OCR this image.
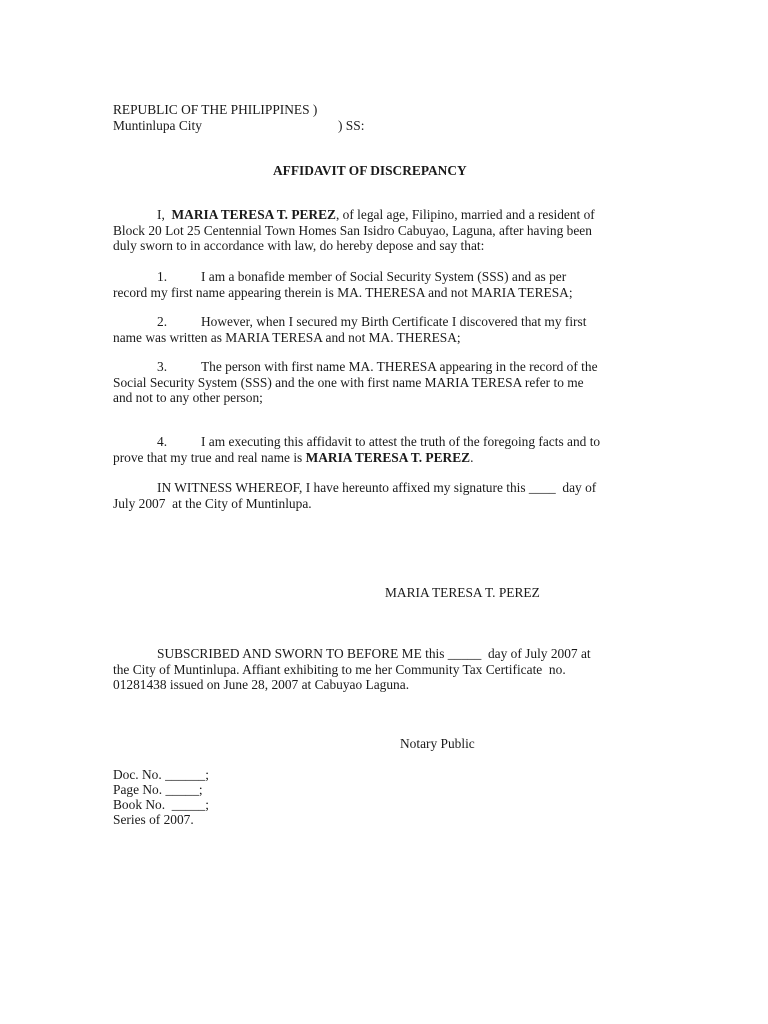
REPUBLIC OF THE PHILIPPINES )
Muntinlupa City	) SS:
AFFIDAVIT OF DISCREPANCY
I,  MARIA TERESA T. PEREZ, of legal age, Filipino, married and a resident of
Block 20 Lot 25 Centennial Town Homes San Isidro Cabuyao, Laguna, after having been
duly sworn to in accordance with law, do hereby depose and say that:
1.	I am a bonafide member of Social Security System (SSS) and as per
record my first name appearing therein is MA. THERESA and not MARIA TERESA;
2.	However, when I secured my Birth Certificate I discovered that my first
name was written as MARIA TERESA and not MA. THERESA;
3.	The person with first name MA. THERESA appearing in the record of the
Social Security System (SSS) and the one with first name MARIA TERESA refer to me
and not to any other person;
4.	I am executing this affidavit to attest the truth of the foregoing facts and to
prove that my true and real name is MARIA TERESA T. PEREZ.
IN WITNESS WHEREOF, I have hereunto affixed my signature this ____  day of
July 2007  at the City of Muntinlupa.
MARIA TERESA T. PEREZ
SUBSCRIBED AND SWORN TO BEFORE ME this _____  day of July 2007 at
the City of Muntinlupa. Affiant exhibiting to me her Community Tax Certificate  no.
01281438 issued on June 28, 2007 at Cabuyao Laguna.
Notary Public
Doc. No. ______;
Page No. _____;
Book No.  _____;
Series of 2007.
